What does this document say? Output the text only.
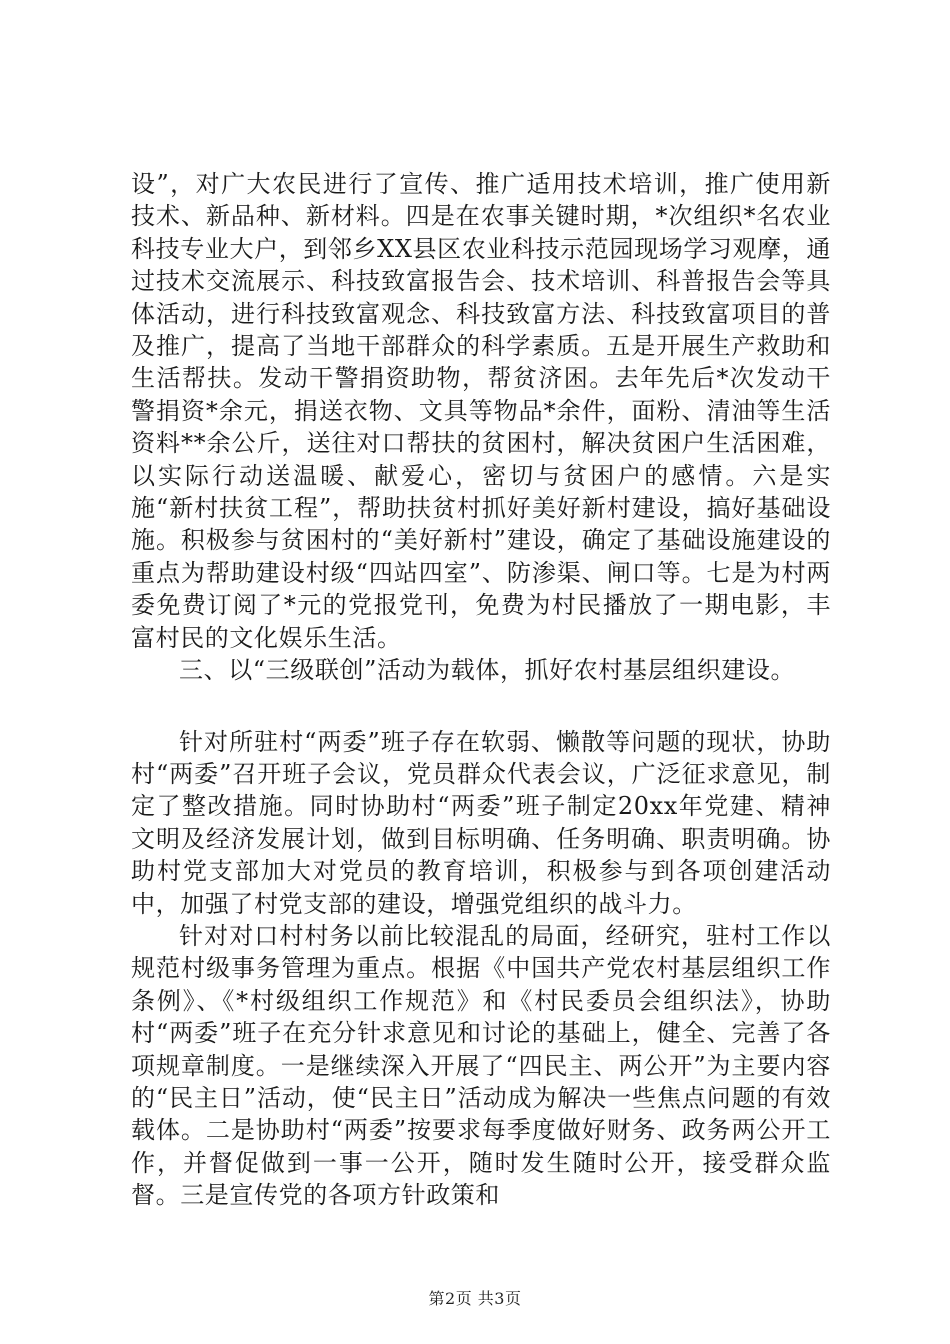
设”，对广大农民进行了宣传、推广适用技术培训，推广使用新技术、新品种、新材料。四是在农事关键时期，*次组织*名农业科技专业大户，到邻乡XX县区农业科技示范园现场学习观摩，通过技术交流展示、科技致富报告会、技术培训、科普报告会等具体活动，进行科技致富观念、科技致富方法、科技致富项目的普及推广，提高了当地干部群众的科学素质。五是开展生产救助和生活帮扶。发动干警捐资助物，帮贫济困。去年先后*次发动干警捐资*余元，捐送衣物、文具等物品*余件，面粉、清油等生活资料**余公斤，送往对口帮扶的贫困村，解决贫困户生活困难，以实际行动送温暖、献爱心，密切与贫困户的感情。六是实施“新村扶贫工程”，帮助扶贫村抓好美好新村建设，搞好基础设施。积极参与贫困村的“美好新村”建设，确定了基础设施建设的重点为帮助建设村级“四站四室”、防渗渠、闸口等。七是为村两委免费订阅了*元的党报党刊，免费为村民播放了一期电影，丰富村民的文化娱乐生活。

三、以“三级联创”活动为载体，抓好农村基层组织建设。

针对所驻村“两委”班子存在软弱、懒散等问题的现状，协助村“两委”召开班子会议，党员群众代表会议，广泛征求意见，制定了整改措施。同时协助村“两委”班子制定20xx年党建、精神文明及经济发展计划，做到目标明确、任务明确、职责明确。协助村党支部加大对党员的教育培训，积极参与到各项创建活动中，加强了村党支部的建设，增强党组织的战斗力。

针对对口村村务以前比较混乱的局面，经研究，驻村工作以规范村级事务管理为重点。根据《中国共产党农村基层组织工作条例》、《*村级组织工作规范》和《村民委员会组织法》，协助村“两委”班子在充分针求意见和讨论的基础上，健全、完善了各项规章制度。一是继续深入开展了“四民主、两公开”为主要内容的“民主日”活动，使“民主日”活动成为解决一些焦点问题的有效载体。二是协助村“两委”按要求每季度做好财务、政务两公开工作，并督促做到一事一公开，随时发生随时公开，接受群众监督。三是宣传党的各项方针政策和

第2页 共3页
